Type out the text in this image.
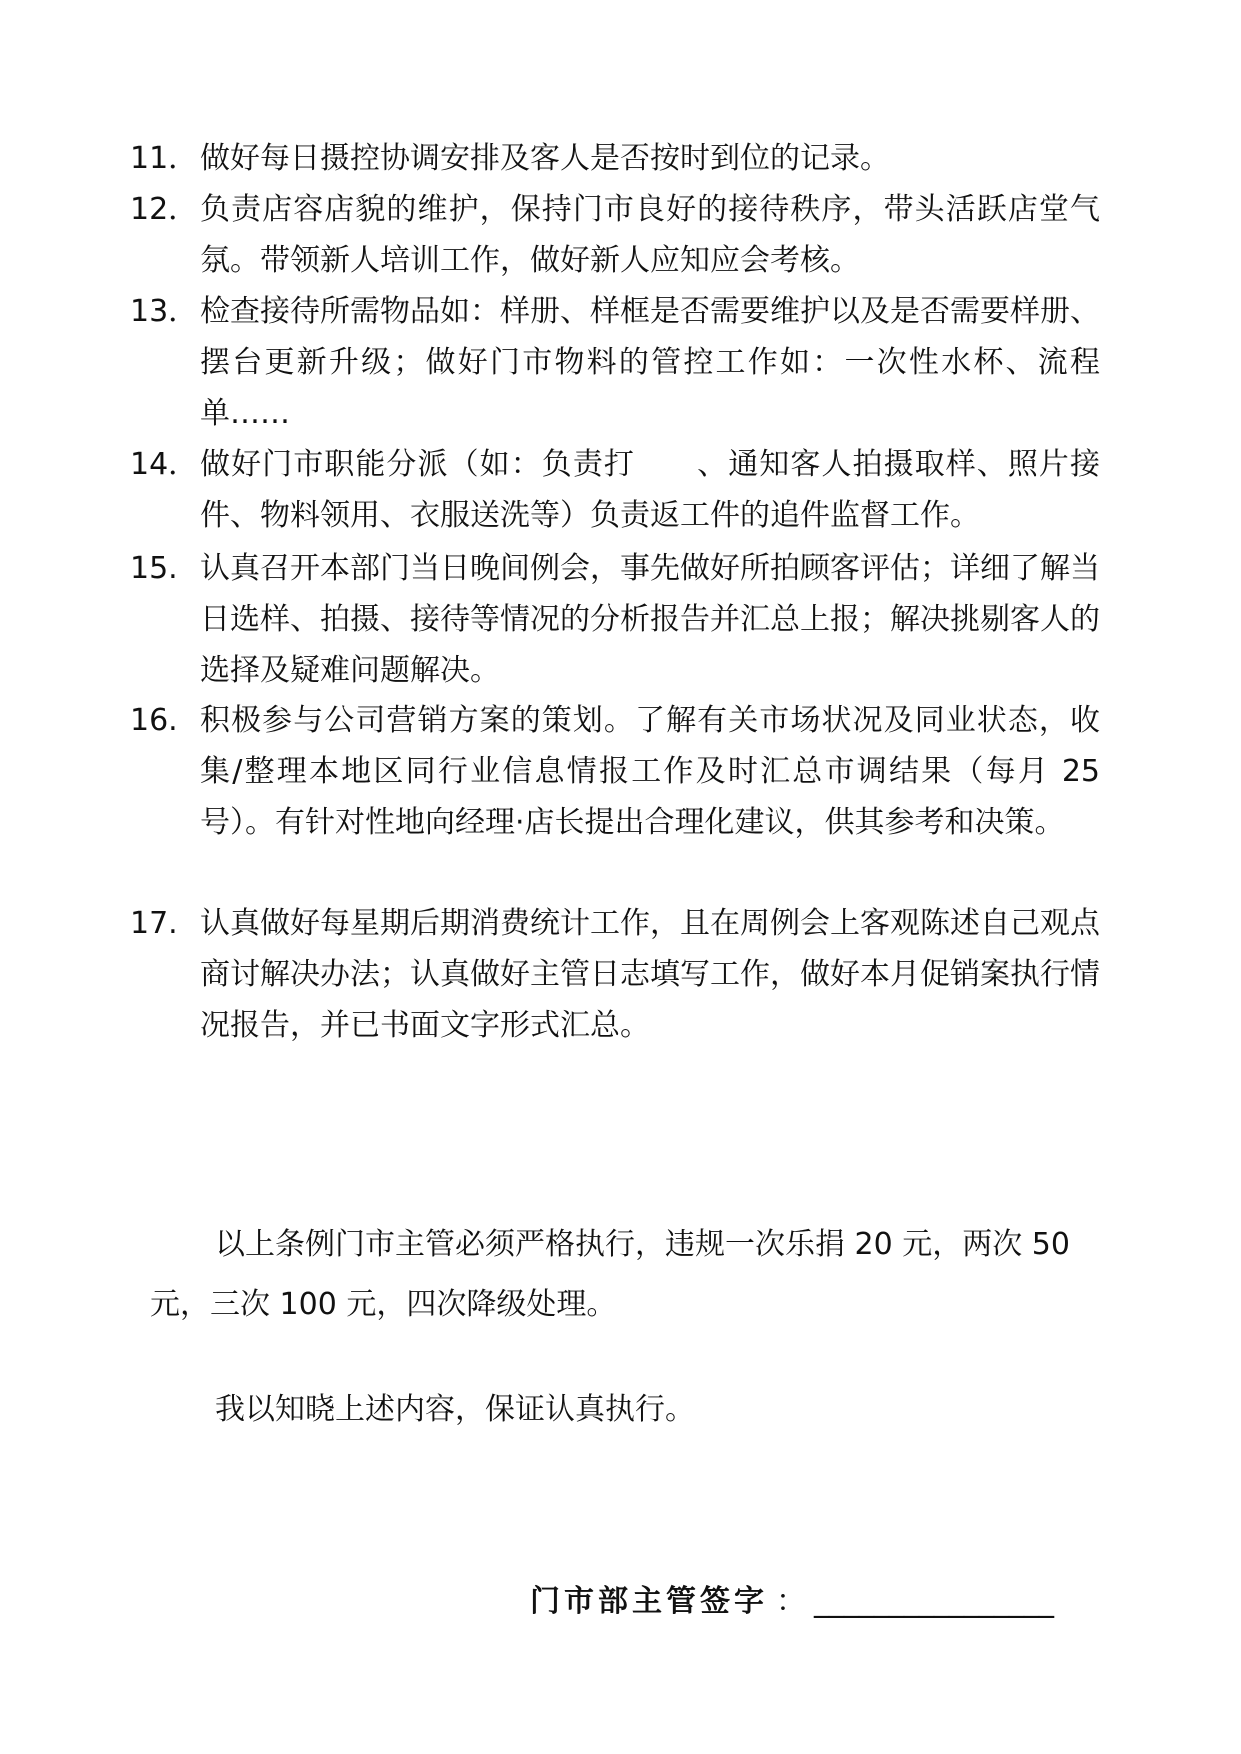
11． 做好每日摄控协调安排及客人是否按时到位的记录。
12． 负责店容店貌的维护，保持门市良好的接待秩序，带头活跃店堂气氛。带领新人培训工作，做好新人应知应会考核。
13． 检查接待所需物品如：样册、样框是否需要维护以及是否需要样册、摆台更新升级；做好门市物料的管控工作如：一次性水杯、流程单……
14． 做好门市职能分派（如：负责打　　、通知客人拍摄取样、照片接件、物料领用、衣服送洗等）负责返工件的追件监督工作。
15. 认真召开本部门当日晚间例会，事先做好所拍顾客评估；详细了解当日选样、拍摄、接待等情况的分析报告并汇总上报；解决挑剔客人的选择及疑难问题解决。
16. 积极参与公司营销方案的策划。了解有关市场状况及同业状态，收集/整理本地区同行业信息情报工作及时汇总市调结果（每月 25 号）。有针对性地向经理·店长提出合理化建议，供其参考和决策。
17. 认真做好每星期后期消费统计工作，且在周例会上客观陈述自己观点商讨解决办法；认真做好主管日志填写工作，做好本月促销案执行情况报告，并已书面文字形式汇总。
以上条例门市主管必须严格执行，违规一次乐捐 20 元，两次 50 元，三次 100 元，四次降级处理。
我以知晓上述内容，保证认真执行。
门市部主管签字 ： ________________
